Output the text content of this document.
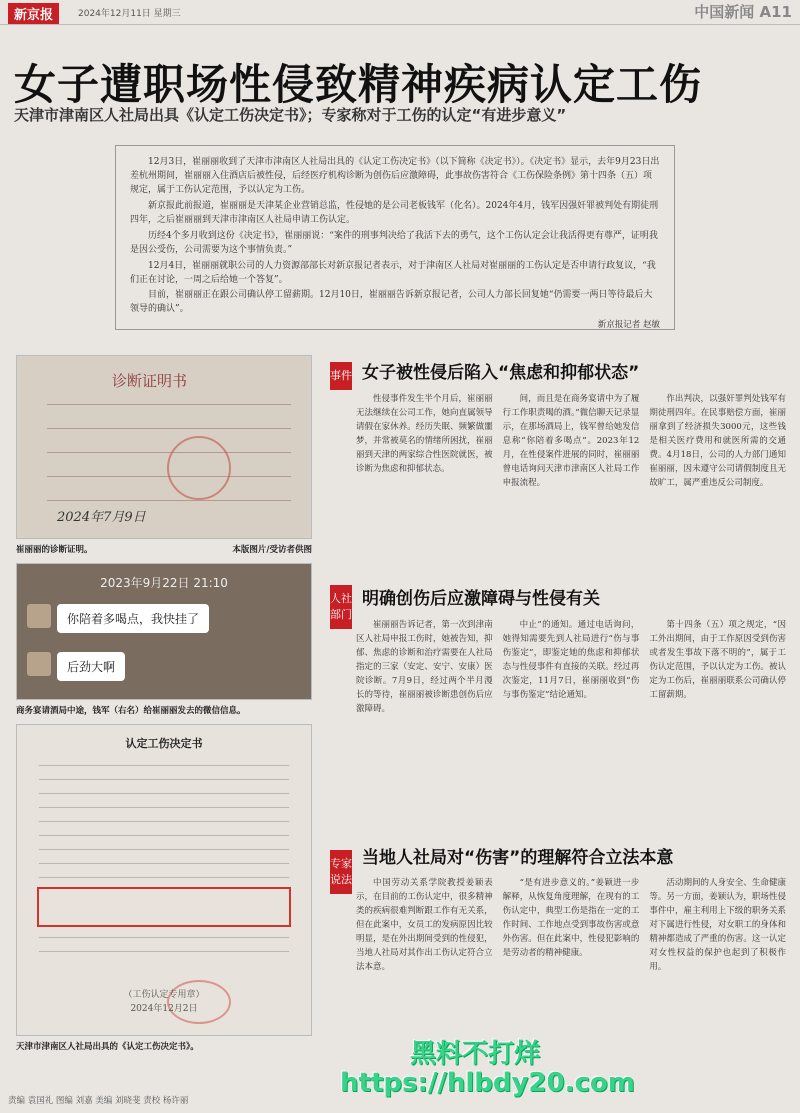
新京报	2024年12月11日 星期三	中国新闻 A11
女子遭职场性侵致精神疾病认定工伤
天津市津南区人社局出具《认定工伤决定书》；专家称对于工伤的认定“有进步意义”

12月3日，崔丽丽收到了天津市津南区人社局出具的《认定工伤决定书》（以下简称《决定书》）。《决定书》显示，去年9月23日出差杭州期间，崔丽丽入住酒店后被性侵，后经医疗机构诊断为创伤后应激障碍，此事故伤害符合《工伤保险条例》第十四条（五）项规定，属于工伤认定范围，予以认定为工伤。

新京报此前报道，崔丽丽是天津某企业营销总监，性侵她的是公司老板钱军（化名）。2024年4月，钱军因强奸罪被判处有期徒刑四年，之后崔丽丽到天津市津南区人社局申请工伤认定。

历经4个多月收到这份《决定书》，崔丽丽说：“案件的刑事判决给了我活下去的勇气，这个工伤认定会让我活得更有尊严，证明我是因公受伤，公司需要为这个事情负责。”

12月4日，崔丽丽就职公司的人力资源部部长对新京报记者表示，对于津南区人社局对崔丽丽的工伤认定是否申请行政复议，“我们正在讨论，一周之后给她一个答复”。

目前，崔丽丽正在跟公司确认停工留薪期。12月10日，崔丽丽告诉新京报记者，公司人力部长回复她“仍需要一两日等待最后大领导的确认”。

新京报记者 赵敏
诊断证明书
2024年7月9日
崔丽丽的诊断证明。	本版图片/受访者供图
2023年9月22日 21:10
你陪着多喝点，我快挂了
后劲大啊
商务宴请酒局中途，钱军（右名）给崔丽丽发去的微信信息。
认定工伤决定书
（工伤认定专用章）
2024年12月2日
天津市津南区人社局出具的《认定工伤决定书》。
事件 女子被性侵后陷入“焦虑和抑郁状态”
性侵事件发生半个月后，崔丽丽无法继续在公司工作，她向直属领导请假在家休养。经历失眠、频繁做噩梦，并常被莫名的情绪所困扰，崔丽丽到天津的两家综合性医院就医，被诊断为焦虑和抑郁状态。
间，而且是在商务宴请中为了履行工作职责喝的酒。”微信聊天记录显示，在那场酒局上，钱军曾给她发信息称“你陪着多喝点”。2023年12月，在性侵案件进展的同时，崔丽丽曾电话询问天津市津南区人社局工作申报流程。
作出判决，以强奸罪判处钱军有期徒刑四年。在民事赔偿方面，崔丽丽拿到了经济损失3000元，这些钱是相关医疗费用和就医所需的交通费。4月18日，公司的人力部门通知崔丽丽，因未遵守公司请假制度且无故旷工，属严重违反公司制度。
人社部门
明确创伤后应激障碍与性侵有关
崔丽丽告诉记者，第一次到津南区人社局申报工伤时，她被告知，抑郁、焦虑的诊断和治疗需要在人社局指定的三家（安定、安宁、安康）医院诊断。7月9日，经过两个半月漫长的等待，崔丽丽被诊断患创伤后应激障碍。
中止”的通知。通过电话询问，她得知需要先到人社局进行“伤与事伤鉴定”，即鉴定她的焦虑和抑郁状态与性侵事件有直接的关联。经过再次鉴定，11月7日，崔丽丽收到“伤与事伤鉴定”结论通知。
第十四条（五）项之规定，“因工外出期间，由于工作原因受到伤害或者发生事故下落不明的”，属于工伤认定范围，予以认定为工伤。被认定为工伤后，崔丽丽联系公司确认停工留薪期。
专家说法
当地人社局对“伤害”的理解符合立法本意
中国劳动关系学院教授姜颖表示，在目前的工伤认定中，很多精神类的疾病很难判断跟工作有无关系，但在此案中，女员工的发病原因比较明显，是在外出期间受到的性侵犯，当地人社局对其作出工伤认定符合立法本意。
“是有进步意义的。”姜颖进一步解释，从恢复角度理解，在现有的工伤认定中，典型工伤是指在一定的工作时间、工作地点受到事故伤害或意外伤害。但在此案中，性侵犯影响的是劳动者的精神健康。
活动期间的人身安全、生命健康等。另一方面，姜颖认为，职场性侵事件中，雇主利用上下级的职务关系对下属进行性侵，对女职工的身体和精神都造成了严重的伤害。这一认定对女性权益的保护也起到了积极作用。
黑料不打烊
https://hlbdy20.com
责编 袁国礼 图编 刘嘉 美编 刘晓斐 责校 杨许丽
